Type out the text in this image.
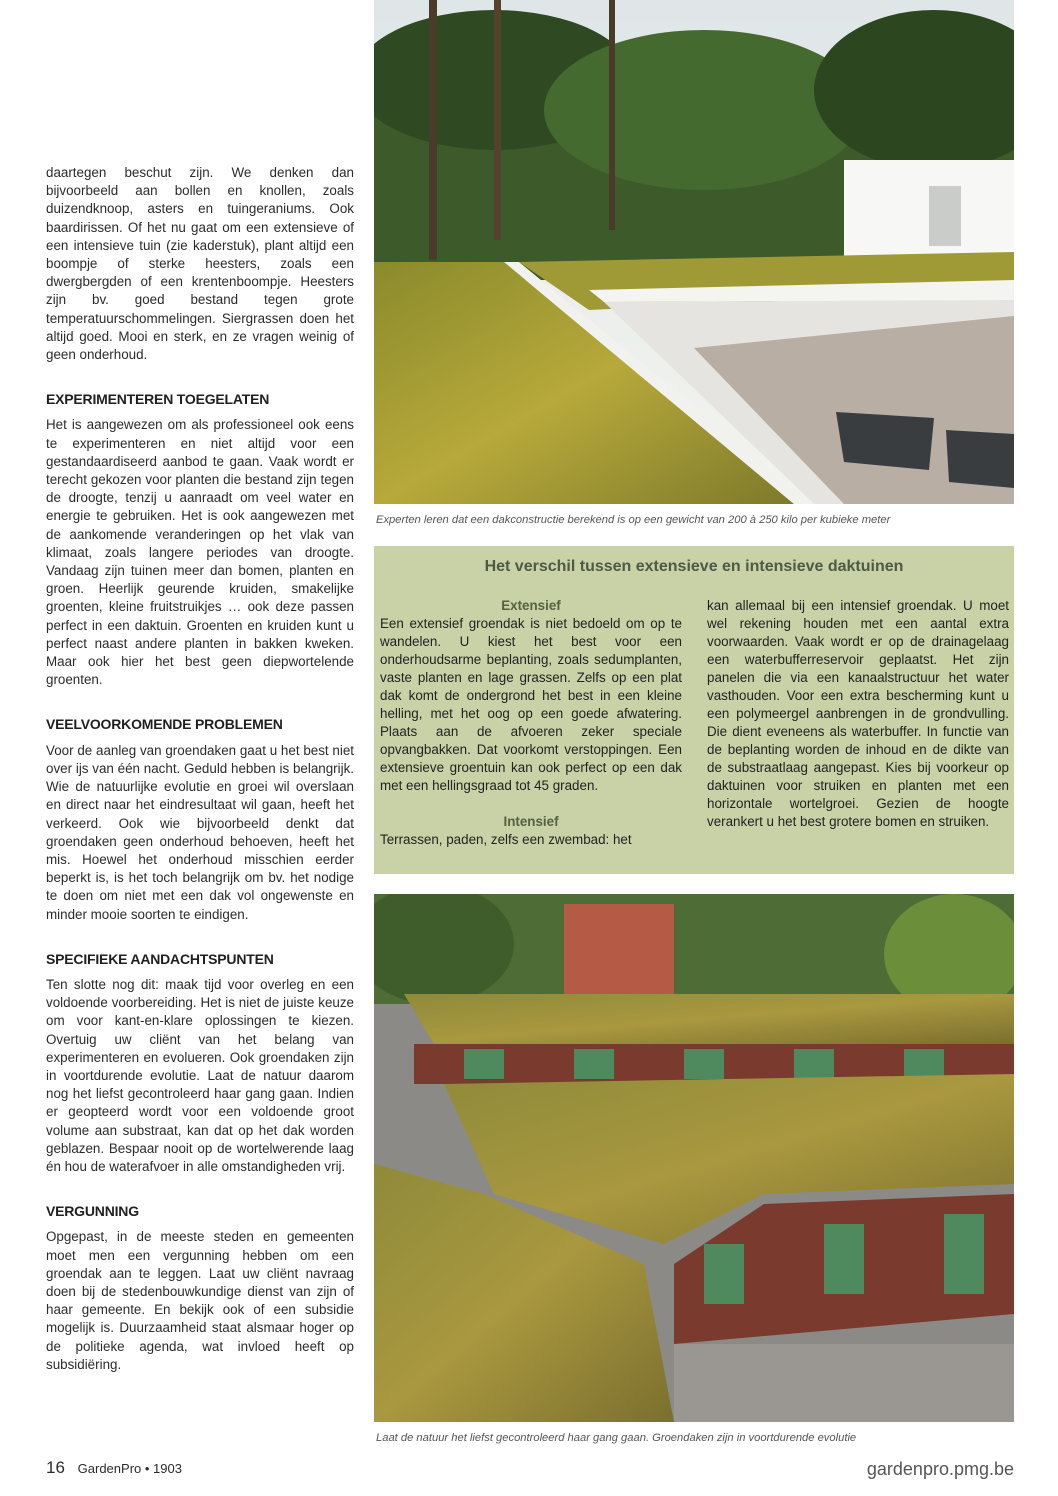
daartegen beschut zijn. We denken dan bijvoorbeeld aan bollen en knollen, zoals duizendknoop, asters en tuingeraniums. Ook baardirissen. Of het nu gaat om een extensieve of een intensieve tuin (zie kaderstuk), plant altijd een boompje of sterke heesters, zoals een dwergbergden of een krentenboompje. Heesters zijn bv. goed bestand tegen grote temperatuurschommelingen. Siergrassen doen het altijd goed. Mooi en sterk, en ze vragen weinig of geen onderhoud.

EXPERIMENTEREN TOEGELATEN

Het is aangewezen om als professioneel ook eens te experimenteren en niet altijd voor een gestandaardiseerd aanbod te gaan. Vaak wordt er terecht gekozen voor planten die bestand zijn tegen de droogte, tenzij u aanraadt om veel water en energie te gebruiken. Het is ook aangewezen met de aankomende veranderingen op het vlak van klimaat, zoals langere periodes van droogte. Vandaag zijn tuinen meer dan bomen, planten en groen. Heerlijk geurende kruiden, smakelijke groenten, kleine fruitstruikjes … ook deze passen perfect in een daktuin. Groenten en kruiden kunt u perfect naast andere planten in bakken kweken. Maar ook hier het best geen diepwortelende groenten.

VEELVOORKOMENDE PROBLEMEN

Voor de aanleg van groendaken gaat u het best niet over ijs van één nacht. Geduld hebben is belangrijk. Wie de natuurlijke evolutie en groei wil overslaan en direct naar het eindresultaat wil gaan, heeft het verkeerd. Ook wie bijvoorbeeld denkt dat groendaken geen onderhoud behoeven, heeft het mis. Hoewel het onderhoud misschien eerder beperkt is, is het toch belangrijk om bv. het nodige te doen om niet met een dak vol ongewenste en minder mooie soorten te eindigen.

SPECIFIEKE AANDACHTSPUNTEN

Ten slotte nog dit: maak tijd voor overleg en een voldoende voorbereiding. Het is niet de juiste keuze om voor kant-en-klare oplossingen te kiezen. Overtuig uw cliënt van het belang van experimenteren en evolueren. Ook groendaken zijn in voortdurende evolutie. Laat de natuur daarom nog het liefst gecontroleerd haar gang gaan. Indien er geopteerd wordt voor een voldoende groot volume aan substraat, kan dat op het dak worden geblazen. Bespaar nooit op de wortelwerende laag én hou de waterafvoer in alle omstandigheden vrij.

VERGUNNING

Opgepast, in de meeste steden en gemeenten moet men een vergunning hebben om een groendak aan te leggen. Laat uw cliënt navraag doen bij de stedenbouwkundige dienst van zijn of haar gemeente. En bekijk ook of een subsidie mogelijk is. Duurzaamheid staat alsmaar hoger op de politieke agenda, wat invloed heeft op subsidiëring.

Experten leren dat een dakconstructie berekend is op een gewicht van 200 à 250 kilo per kubieke meter
Het verschil tussen extensieve en intensieve daktuinen
Extensief

Een extensief groendak is niet bedoeld om op te wandelen. U kiest het best voor een onderhoudsarme beplanting, zoals sedumplanten, vaste planten en lage grassen. Zelfs op een plat dak komt de ondergrond het best in een kleine helling, met het oog op een goede afwatering. Plaats aan de afvoeren zeker speciale opvangbakken. Dat voorkomt verstoppingen. Een extensieve groentuin kan ook perfect op een dak met een hellingsgraad tot 45 graden.

Intensief

Terrassen, paden, zelfs een zwembad: het

kan allemaal bij een intensief groendak. U moet wel rekening houden met een aantal extra voorwaarden. Vaak wordt er op de drainagelaag een waterbufferreservoir geplaatst. Het zijn panelen die via een kanaalstructuur het water vasthouden. Voor een extra bescherming kunt u een polymeergel aanbrengen in de grondvulling. Die dient eveneens als waterbuffer. In functie van de beplanting worden de inhoud en de dikte van de substraatlaag aangepast. Kies bij voorkeur op daktuinen voor struiken en planten met een horizontale wortelgroei. Gezien de hoogte verankert u het best grotere bomen en struiken.

Laat de natuur het liefst gecontroleerd haar gang gaan. Groendaken zijn in voortdurende evolutie
16 GardenPro • 1903	gardenpro.pmg.be
